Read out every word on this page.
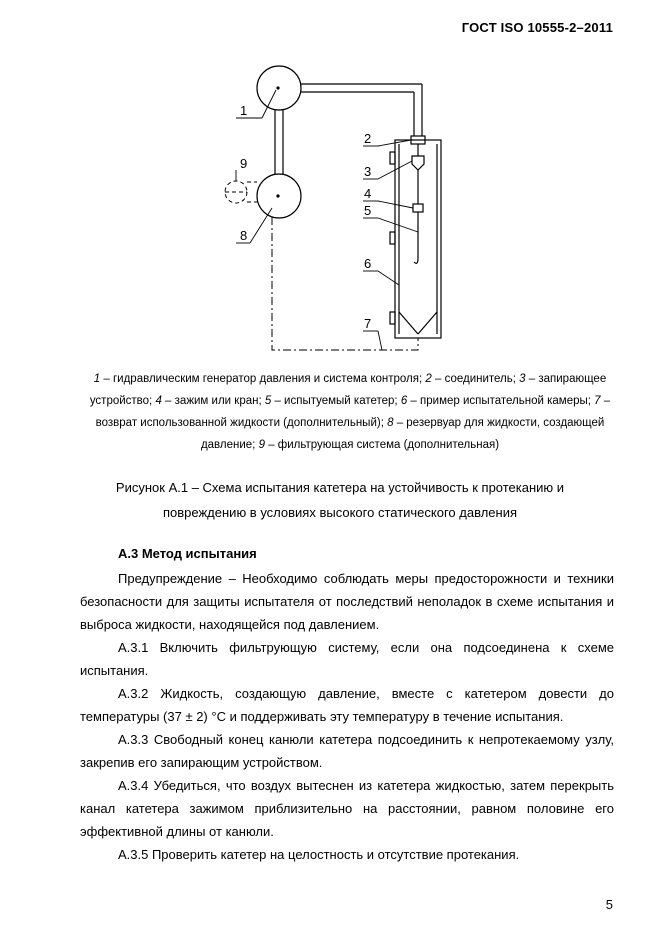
ГОСТ ISO 10555-2–2011
1
2
3
4
5
6
7
8
9
1 – гидравлическим генератор давления и система контроля; 2 – соединитель; 3 – запирающее устройство; 4 – зажим или кран; 5 – испытуемый катетер; 6 – пример испытательной камеры; 7 – возврат использованной жидкости (дополнительный); 8 – резервуар для жидкости, создающей давление; 9 – фильтрующая система (дополнительная)
Рисунок А.1 – Схема испытания катетера на устойчивость к протеканию и
повреждению в условиях высокого статического давления
А.3 Метод испытания

Предупреждение – Необходимо соблюдать меры предосторожности и техники безопасности для защиты испытателя от последствий неполадок в схеме испытания и выброса жидкости, находящейся под давлением.

А.3.1 Включить фильтрующую систему, если она подсоединена к схеме испытания.

А.3.2 Жидкость, создающую давление, вместе с катетером довести до температуры (37 ± 2) °С и поддерживать эту температуру в течение испытания.

А.3.3 Свободный конец канюли катетера подсоединить к непротекаемому узлу, закрепив его запирающим устройством.

А.3.4 Убедиться, что воздух вытеснен из катетера жидкостью, затем перекрыть канал катетера зажимом приблизительно на расстоянии, равном половине его эффективной длины от канюли.

А.3.5 Проверить катетер на целостность и отсутствие протекания.

5
